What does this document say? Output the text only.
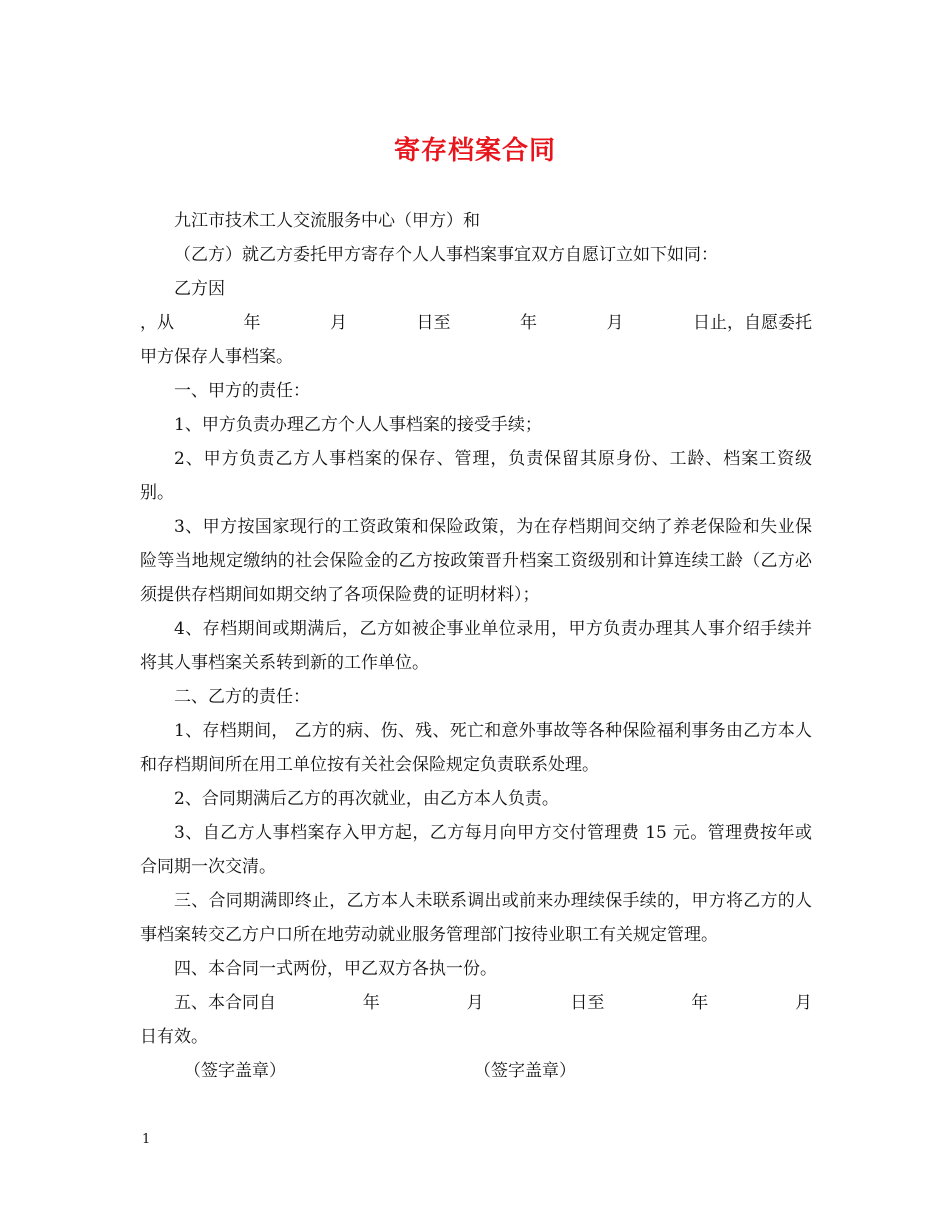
寄存档案合同

九江市技术工人交流服务中心（甲方）和

（乙方）就乙方委托甲方寄存个人人事档案事宜双方自愿订立如下如同：

乙方因

，从	年	月	日至	年	月	日止，自愿委托

甲方保存人事档案。

一、甲方的责任：

1、甲方负责办理乙方个人人事档案的接受手续；

2、甲方负责乙方人事档案的保存、管理，负责保留其原身份、工龄、档案工资级别。

3、甲方按国家现行的工资政策和保险政策，为在存档期间交纳了养老保险和失业保险等当地规定缴纳的社会保险金的乙方按政策晋升档案工资级别和计算连续工龄（乙方必须提供存档期间如期交纳了各项保险费的证明材料）；

4、存档期间或期满后，乙方如被企事业单位录用，甲方负责办理其人事介绍手续并将其人事档案关系转到新的工作单位。

二、乙方的责任：

1、存档期间， 乙方的病、伤、残、死亡和意外事故等各种保险福利事务由乙方本人和存档期间所在用工单位按有关社会保险规定负责联系处理。

2、合同期满后乙方的再次就业，由乙方本人负责。

3、自乙方人事档案存入甲方起，乙方每月向甲方交付管理费 15 元。管理费按年或合同期一次交清。

三、合同期满即终止，乙方本人未联系调出或前来办理续保手续的，甲方将乙方的人事档案转交乙方户口所在地劳动就业服务管理部门按待业职工有关规定管理。

四、本合同一式两份，甲乙双方各执一份。

五、本合同自	年	月	日至	年	月

日有效。

（签字盖章）	（签字盖章）
1
